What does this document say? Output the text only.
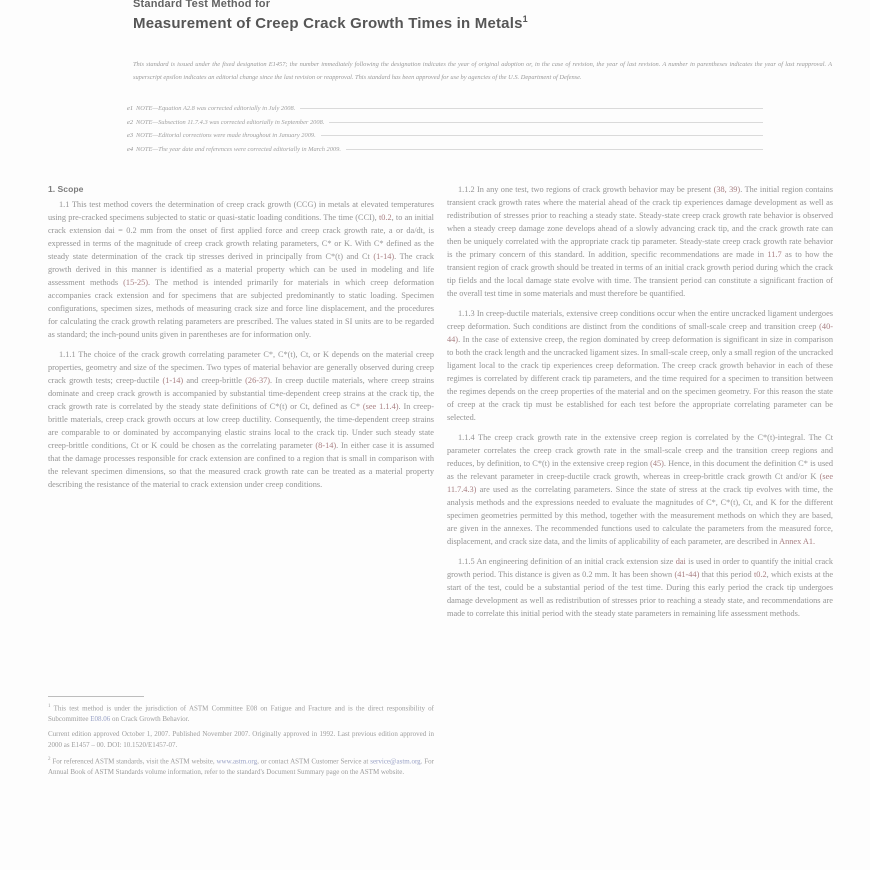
Standard Test Method for
Measurement of Creep Crack Growth Times in Metals$^1$
This standard is issued under the fixed designation E1457; the number immediately following the designation indicates the year of original adoption or, in the case of revision, the year of last revision. A number in parentheses indicates the year of last reapproval. A superscript epsilon indicates an editorial change since the last revision or reapproval. This standard has been approved for use by agencies of the U.S. Department of Defense.
e1 NOTE—Equation A2.8 was corrected editorially in July 2008.
e2 NOTE—Subsection 11.7.4.3 was corrected editorially in September 2008.
e3 NOTE—Editorial corrections were made throughout in January 2009.
e4 NOTE—The year date and references were corrected editorially in March 2009.
1. Scope

1.1 This test method covers the determination of creep crack growth (CCG) in metals at elevated temperatures using pre-cracked specimens subjected to static or quasi-static loading conditions. The time (CCI), t0.2, to an initial crack extension dai = 0.2 mm from the onset of first applied force and creep crack growth rate, a or da/dt, is expressed in terms of the magnitude of creep crack growth relating parameters, C* or K. With C* defined as the steady state determination of the crack tip stresses derived in principally from C*(t) and Ct (1-14). The crack growth derived in this manner is identified as a material property which can be used in modeling and life assessment methods (15-25). The method is intended primarily for materials in which creep deformation accompanies crack extension and for specimens that are subjected predominantly to static loading. Specimen configurations, specimen sizes, methods of measuring crack size and force line displacement, and the procedures for calculating the crack growth relating parameters are prescribed. The values stated in SI units are to be regarded as standard; the inch-pound units given in parentheses are for information only.

1.1.1 The choice of the crack growth correlating parameter C*, C*(t), Ct, or K depends on the material creep properties, geometry and size of the specimen. Two types of material behavior are generally observed during creep crack growth tests; creep-ductile (1-14) and creep-brittle (26-37). In creep ductile materials, where creep strains dominate and creep crack growth is accompanied by substantial time-dependent creep strains at the crack tip, the crack growth rate is correlated by the steady state definitions of C*(t) or Ct, defined as C* (see 1.1.4). In creep-brittle materials, creep crack growth occurs at low creep ductility. Consequently, the time-dependent creep strains are comparable to or dominated by accompanying elastic strains local to the crack tip. Under such steady state creep-brittle conditions, Ct or K could be chosen as the correlating parameter (8-14). In either case it is assumed that the damage processes responsible for crack extension are confined to a region that is small in comparison with the relevant specimen dimensions, so that the measured crack growth rate can be treated as a material property describing the resistance of the material to crack extension under creep conditions.

1.1.2 In any one test, two regions of crack growth behavior may be present (38, 39). The initial region contains transient crack growth rates where the material ahead of the crack tip experiences damage development as well as redistribution of stresses prior to reaching a steady state. Steady-state creep crack growth rate behavior is observed when a steady creep damage zone develops ahead of a slowly advancing crack tip, and the crack growth rate can then be uniquely correlated with the appropriate crack tip parameter. Steady-state creep crack growth rate behavior is the primary concern of this standard. In addition, specific recommendations are made in 11.7 as to how the transient region of crack growth should be treated in terms of an initial crack growth period during which the crack tip fields and the local damage state evolve with time. The transient period can constitute a significant fraction of the overall test time in some materials and must therefore be quantified.

1.1.3 In creep-ductile materials, extensive creep conditions occur when the entire uncracked ligament undergoes creep deformation. Such conditions are distinct from the conditions of small-scale creep and transition creep (40-44). In the case of extensive creep, the region dominated by creep deformation is significant in size in comparison to both the crack length and the uncracked ligament sizes. In small-scale creep, only a small region of the uncracked ligament local to the crack tip experiences creep deformation. The creep crack growth behavior in each of these regimes is correlated by different crack tip parameters, and the time required for a specimen to transition between the regimes depends on the creep properties of the material and on the specimen geometry. For this reason the state of creep at the crack tip must be established for each test before the appropriate correlating parameter can be selected.

1.1.4 The creep crack growth rate in the extensive creep region is correlated by the C*(t)-integral. The Ct parameter correlates the creep crack growth rate in the small-scale creep and the transition creep regions and reduces, by definition, to C*(t) in the extensive creep region (45). Hence, in this document the definition C* is used as the relevant parameter in creep-ductile crack growth, whereas in creep-brittle crack growth Ct and/or K (see 11.7.4.3) are used as the correlating parameters. Since the state of stress at the crack tip evolves with time, the analysis methods and the expressions needed to evaluate the magnitudes of C*, C*(t), Ct, and K for the different specimen geometries permitted by this method, together with the measurement methods on which they are based, are given in the annexes. The recommended functions used to calculate the parameters from the measured force, displacement, and crack size data, and the limits of applicability of each parameter, are described in Annex A1.

1.1.5 An engineering definition of an initial crack extension size dai is used in order to quantify the initial crack growth period. This distance is given as 0.2 mm. It has been shown (41-44) that this period t0.2, which exists at the start of the test, could be a substantial period of the test time. During this early period the crack tip undergoes damage development as well as redistribution of stresses prior to reaching a steady state, and recommendations are made to correlate this initial period with the steady state parameters in remaining life assessment methods.

$^1$ This test method is under the jurisdiction of ASTM Committee E08 on Fatigue and Fracture and is the direct responsibility of Subcommittee E08.06 on Crack Growth Behavior.

Current edition approved October 1, 2007. Published November 2007. Originally approved in 1992. Last previous edition approved in 2000 as E1457 – 00. DOI: 10.1520/E1457-07.

$^2$ For referenced ASTM standards, visit the ASTM website, www.astm.org, or contact ASTM Customer Service at service@astm.org. For Annual Book of ASTM Standards volume information, refer to the standard's Document Summary page on the ASTM website.
